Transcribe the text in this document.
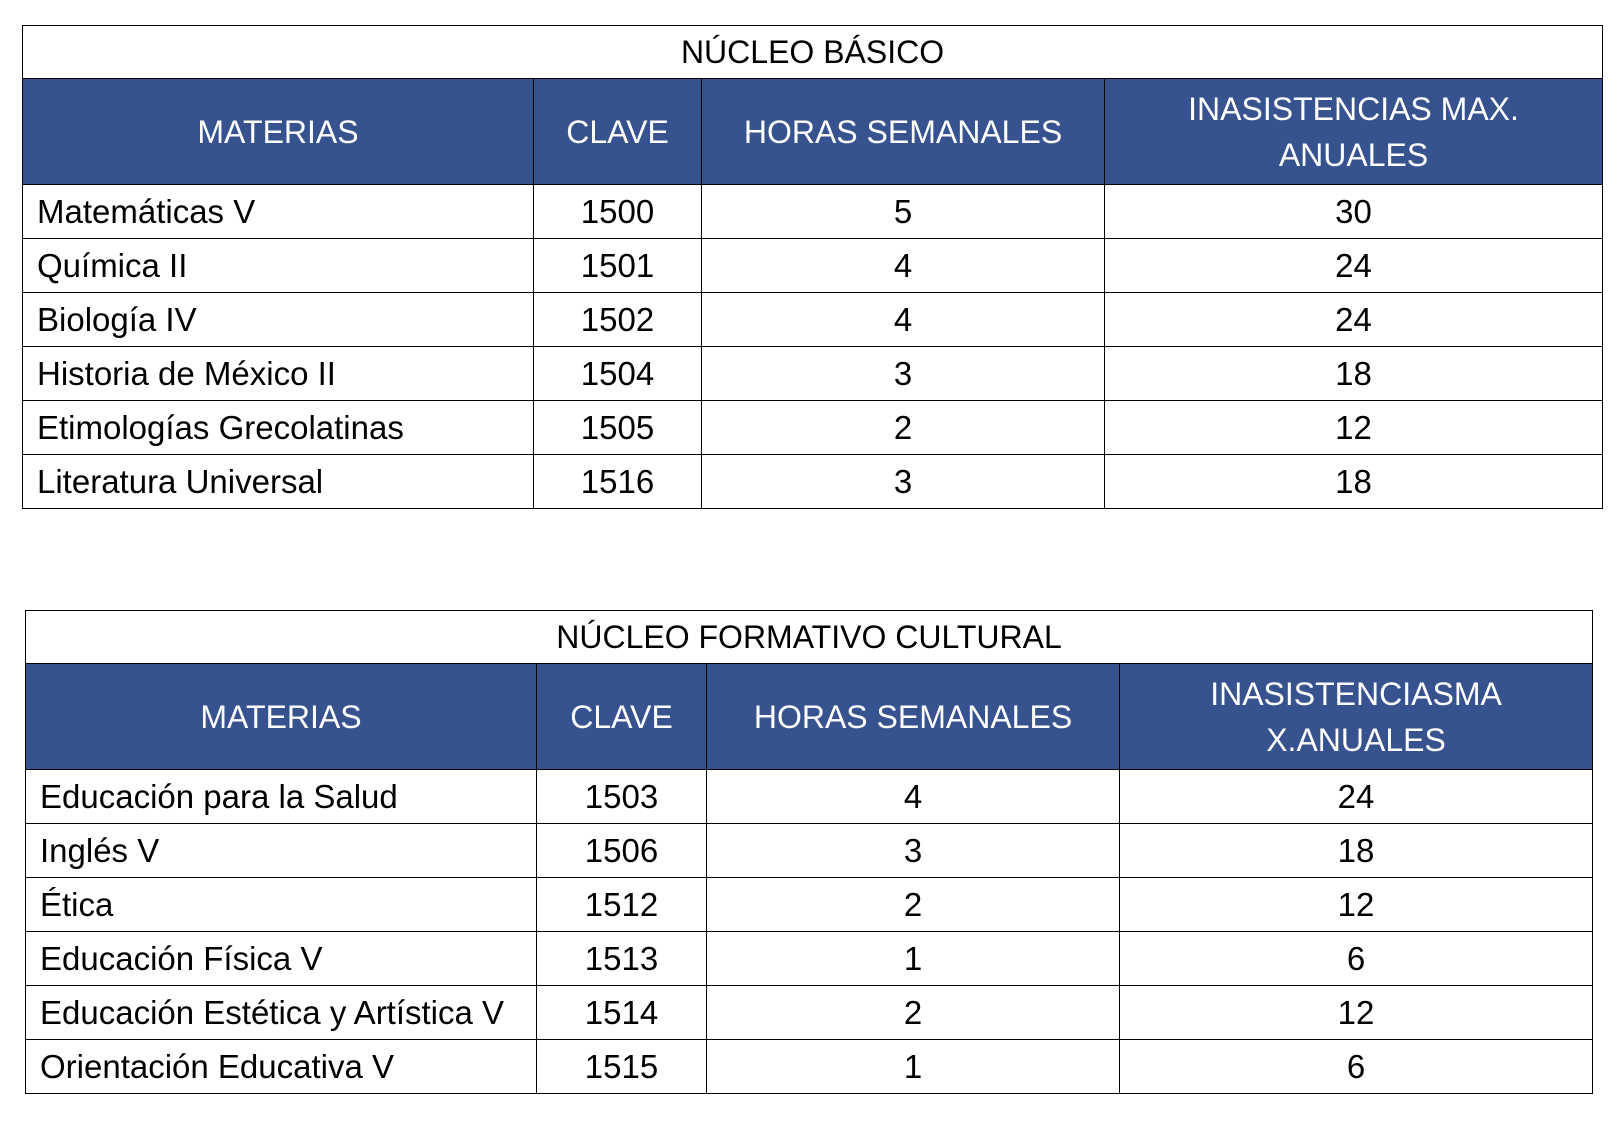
NÚCLEO BÁSICO			
MATERIAS	CLAVE	HORAS SEMANALES	INASISTENCIAS MAX. ANUALES
Matemáticas V	1500	5	30
Química II	1501	4	24
Biología IV	1502	4	24
Historia de México II	1504	3	18
Etimologías Grecolatinas	1505	2	12
Literatura Universal	1516	3	18
NÚCLEO FORMATIVO CULTURAL			
MATERIAS	CLAVE	HORAS SEMANALES	INASISTENCIASMA X.ANUALES
Educación para la Salud	1503	4	24
Inglés V	1506	3	18
Ética	1512	2	12
Educación Física V	1513	1	6
Educación Estética y Artística V	1514	2	12
Orientación Educativa V	1515	1	6
